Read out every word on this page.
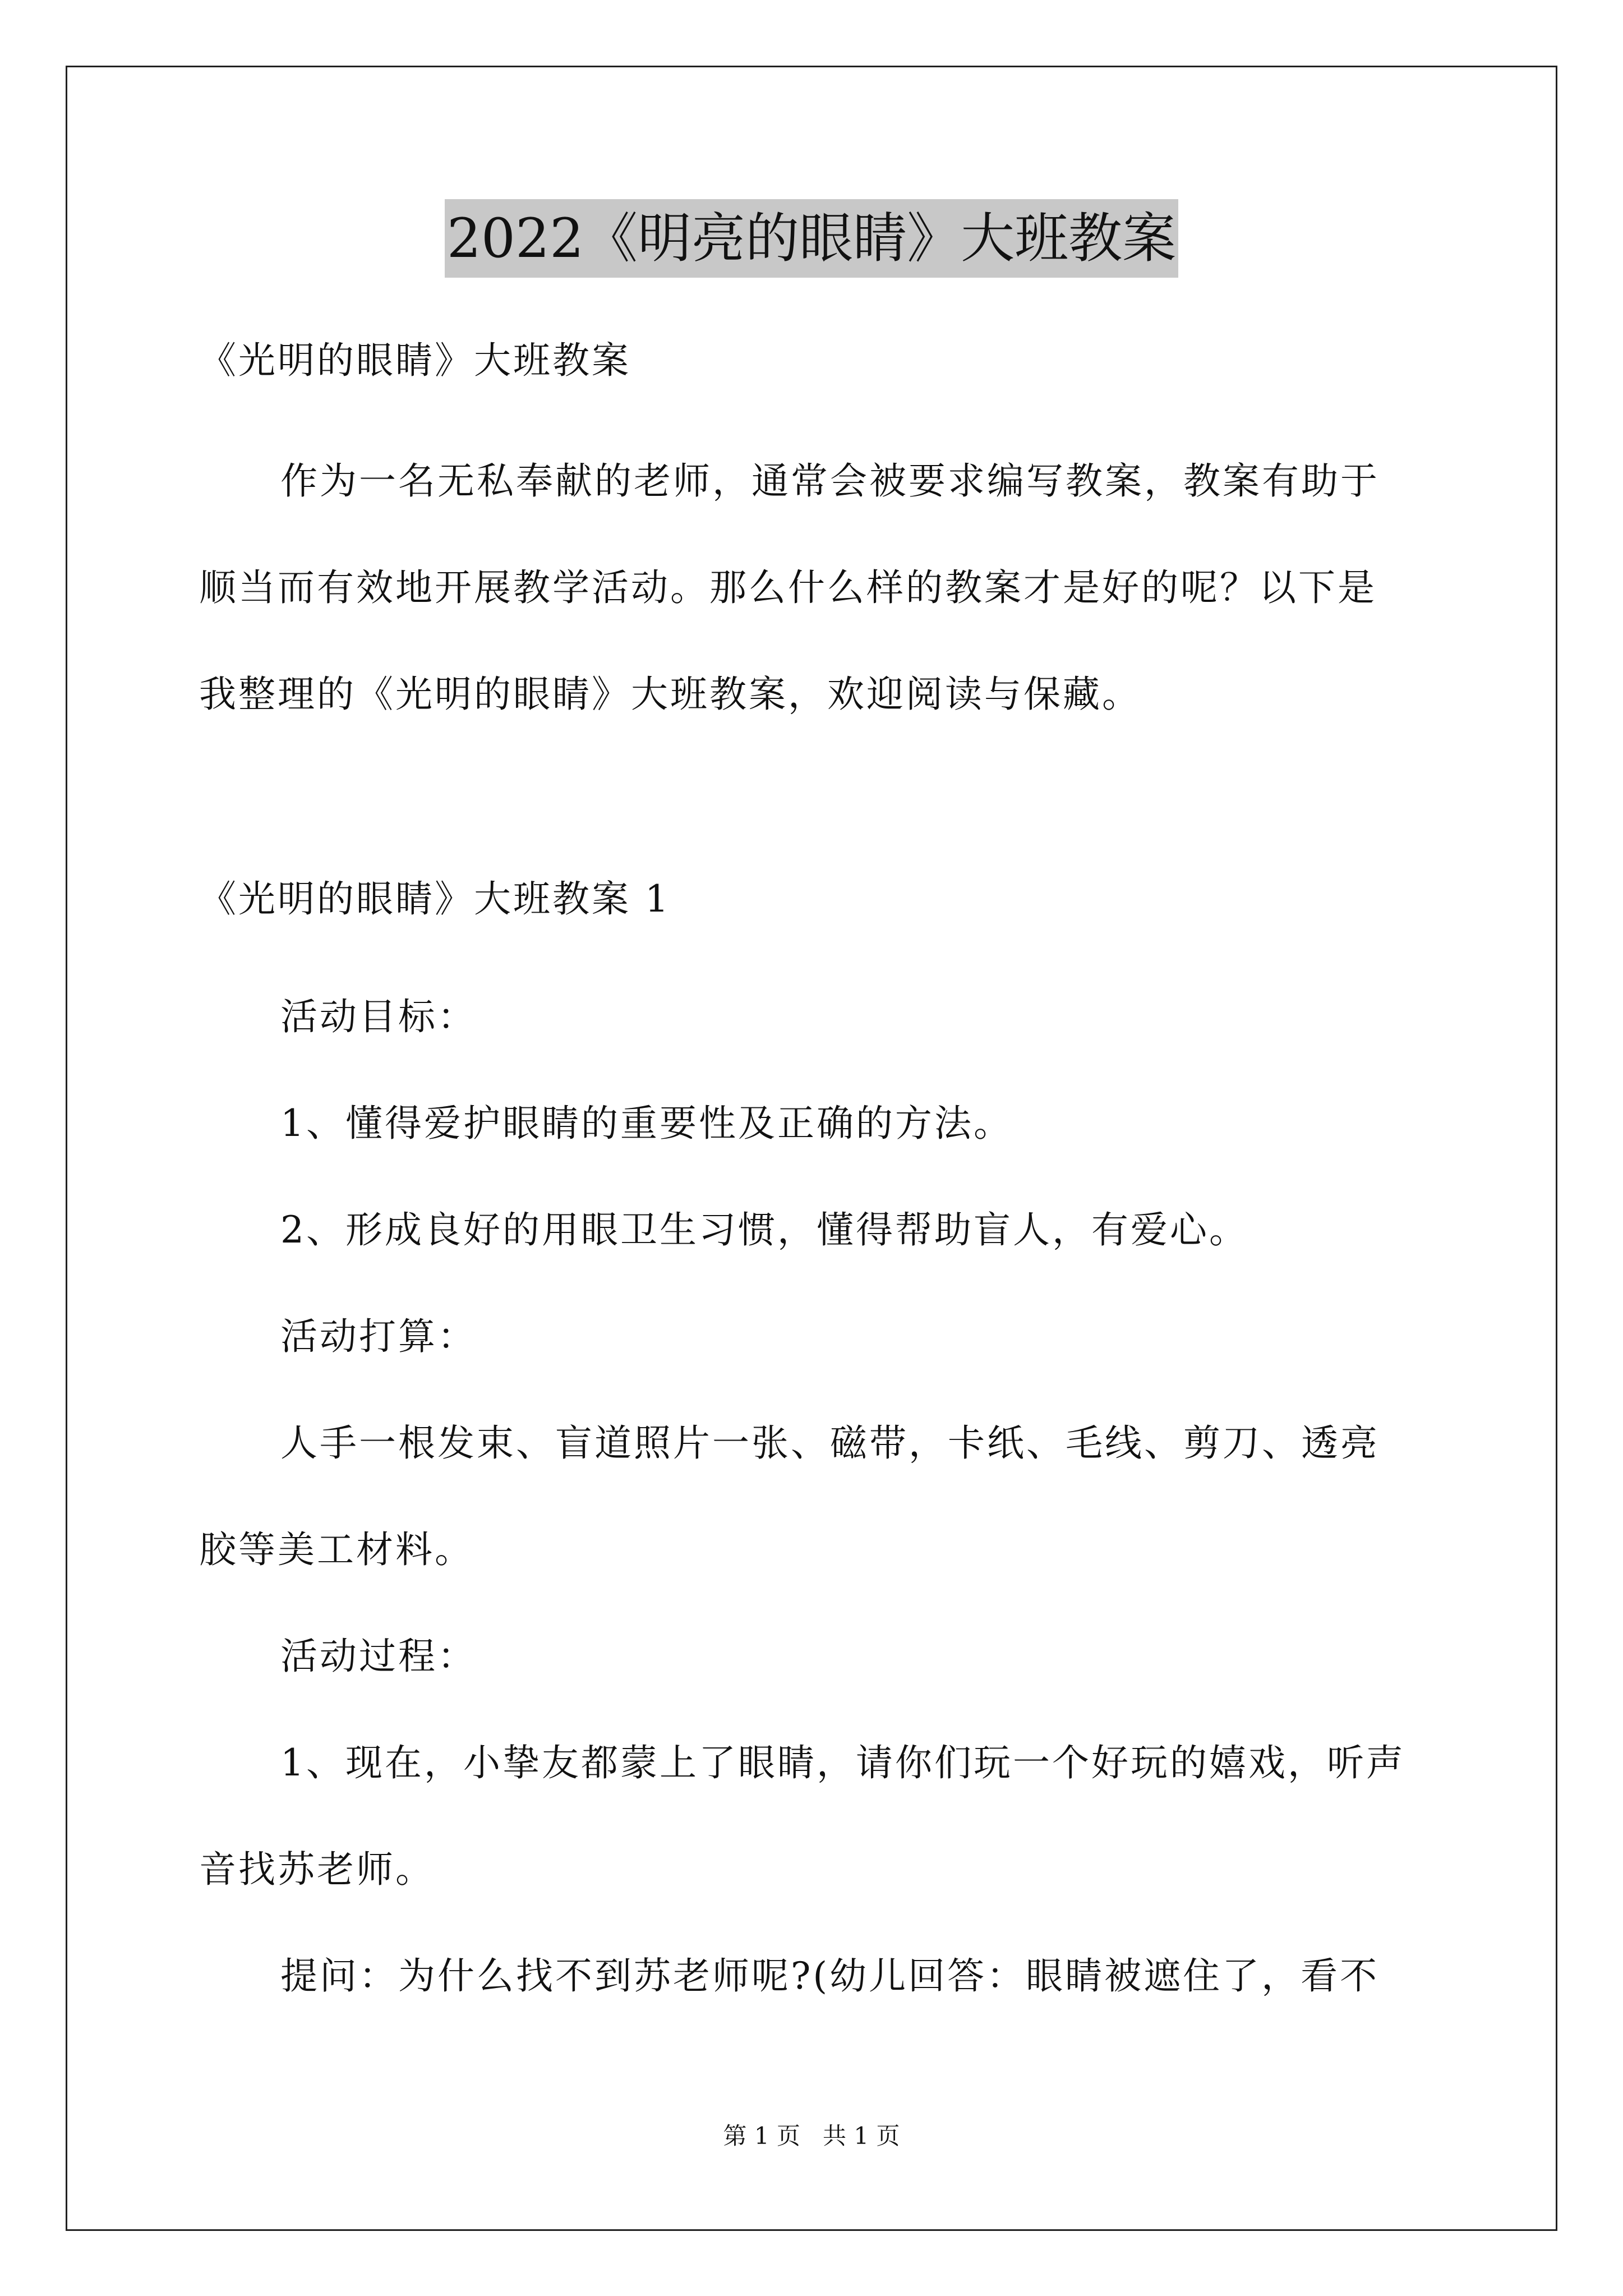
2022《明亮的眼睛》大班教案
《光明的眼睛》大班教案
作为一名无私奉献的老师，通常会被要求编写教案，教案有助于
顺当而有效地开展教学活动。那么什么样的教案才是好的呢？以下是
我整理的《光明的眼睛》大班教案，欢迎阅读与保藏。
《光明的眼睛》大班教案 1
活动目标：
1、懂得爱护眼睛的重要性及正确的方法。
2、形成良好的用眼卫生习惯，懂得帮助盲人，有爱心。
活动打算：
人手一根发束、盲道照片一张、磁带，卡纸、毛线、剪刀、透亮
胶等美工材料。
活动过程：
1、现在，小挚友都蒙上了眼睛，请你们玩一个好玩的嬉戏，听声
音找苏老师。
提问：为什么找不到苏老师呢?(幼儿回答：眼睛被遮住了，看不
第 1 页   共 1 页
